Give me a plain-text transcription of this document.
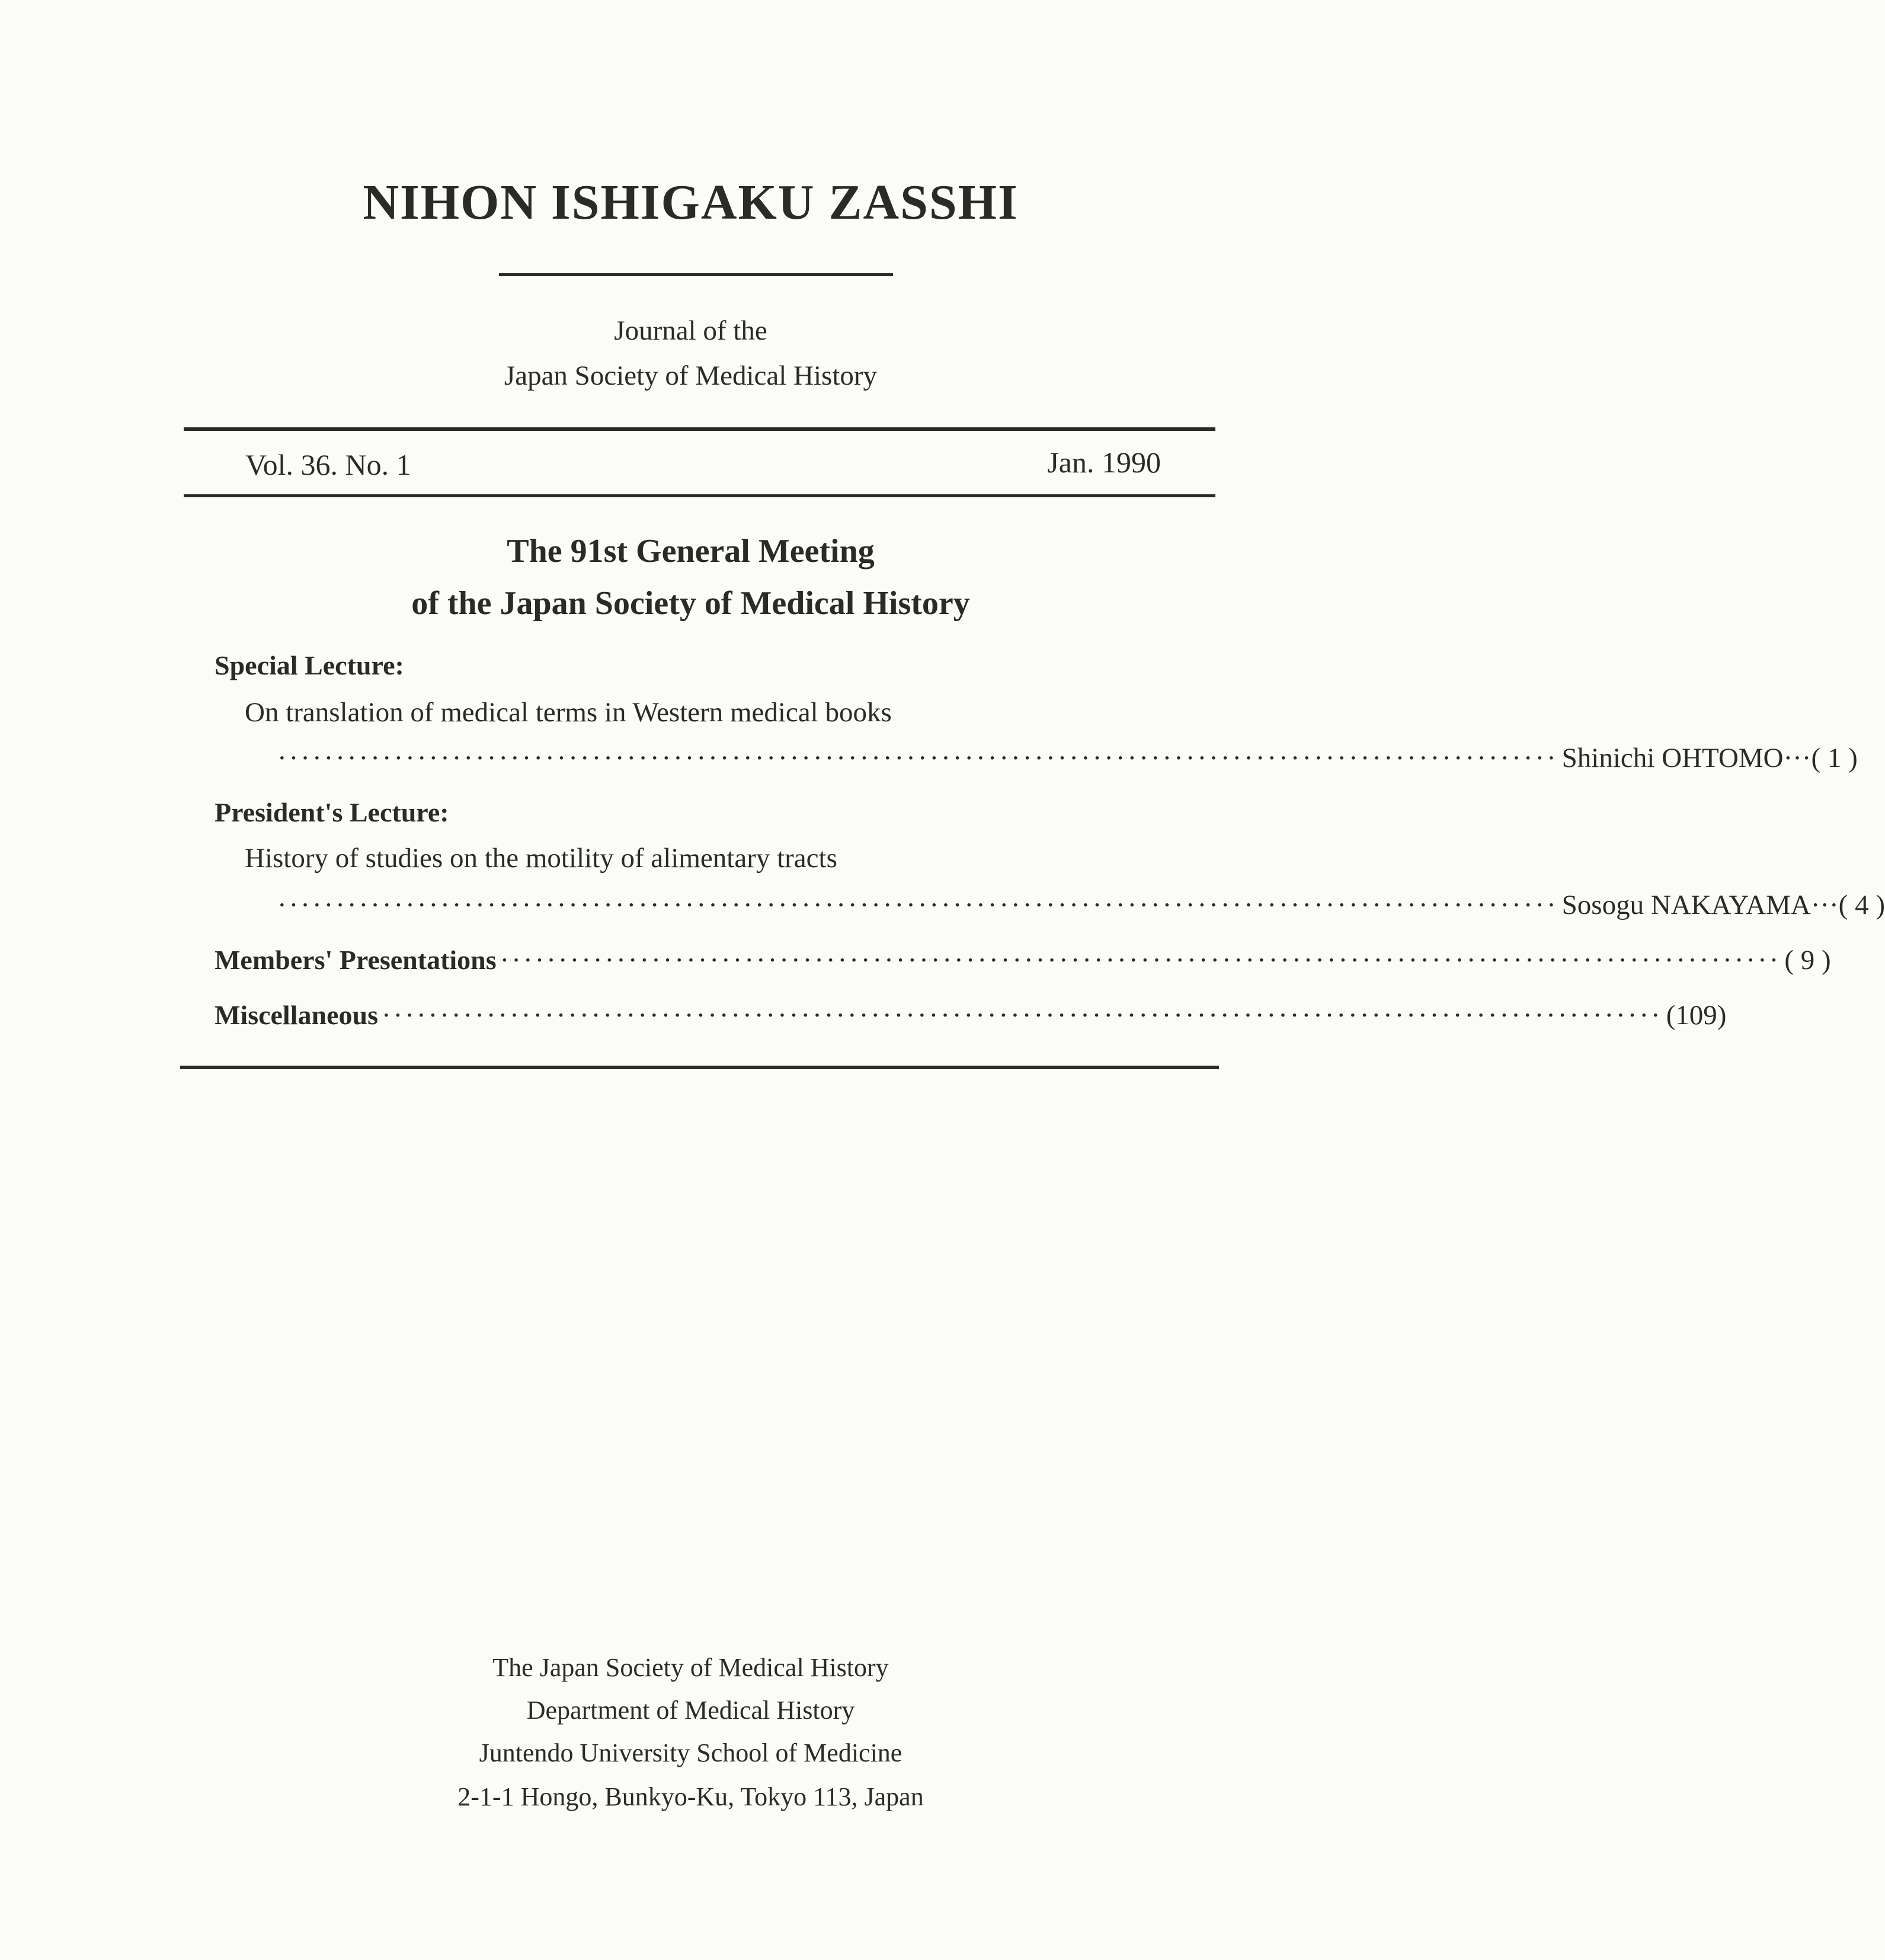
NIHON ISHIGAKU ZASSHI
Journal of the
Japan Society of Medical History
Vol. 36. No. 1	Jan. 1990
The 91st General Meeting
of the Japan Society of Medical History
Special Lecture:
On translation of medical terms in Western medical books
·············································································································· Shinichi OHTOMO ··· ( 1 )
President's Lecture:
History of studies on the motility of alimentary tracts
·············································································································· Sosogu NAKAYAMA ··· ( 4 )
Members' Presentations ·············································································································· ( 9 )
Miscellaneous ·············································································································· (109)
The Japan Society of Medical History
Department of Medical History
Juntendo University School of Medicine
2-1-1 Hongo, Bunkyo-Ku, Tokyo 113, Japan
